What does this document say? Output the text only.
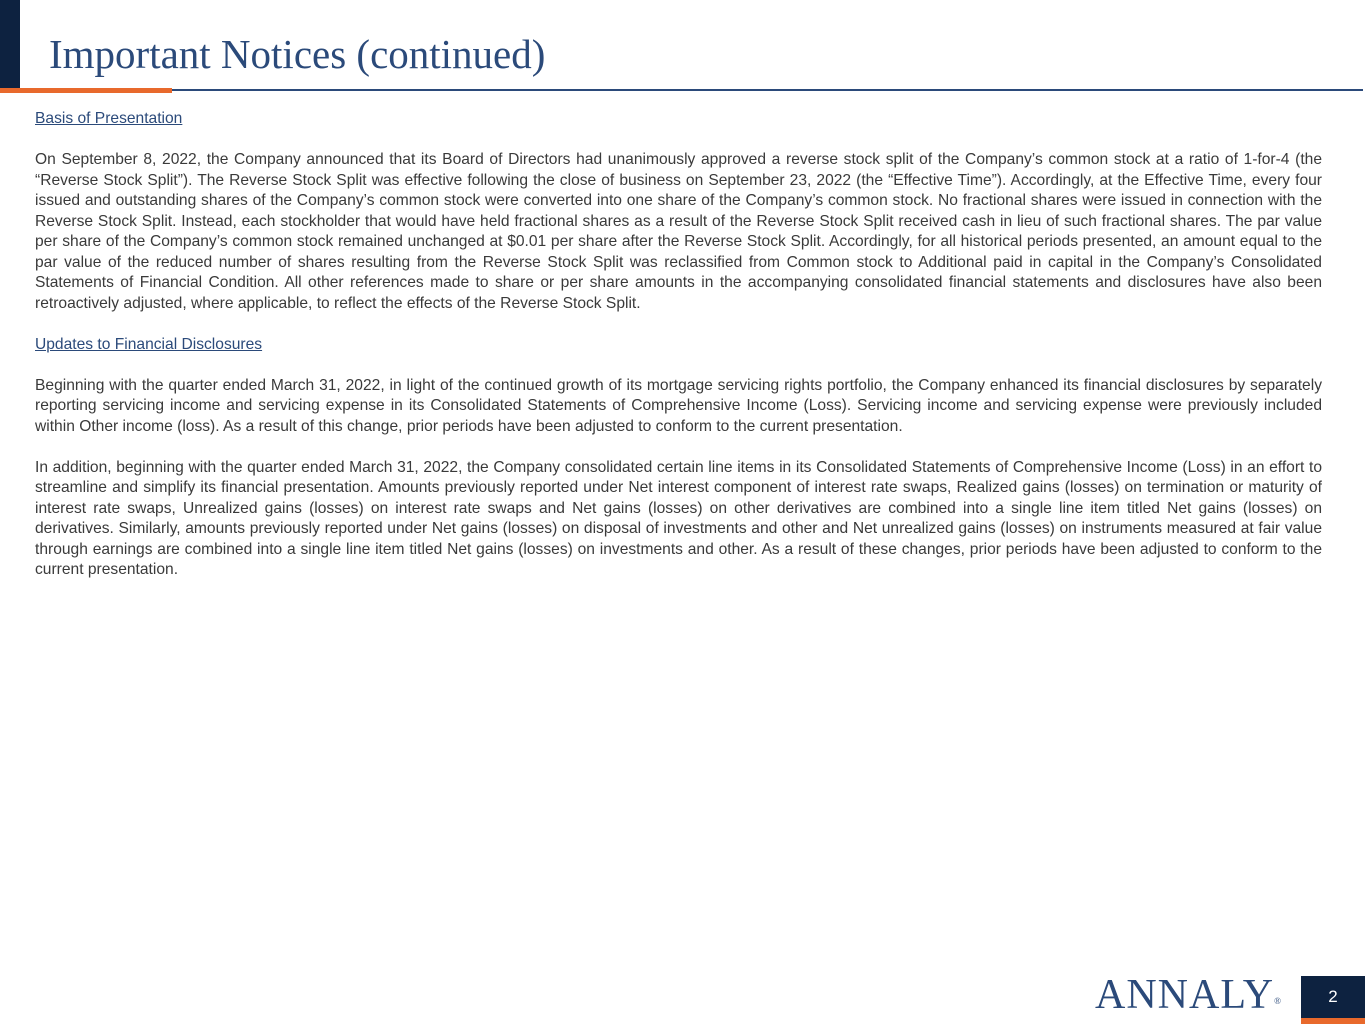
Important Notices (continued)
Basis of Presentation

On September 8, 2022, the Company announced that its Board of Directors had unanimously approved a reverse stock split of the Company’s common stock at a ratio of 1-for-4 (the “Reverse Stock Split”). The Reverse Stock Split was effective following the close of business on September 23, 2022 (the “Effective Time”). Accordingly, at the Effective Time, every four issued and outstanding shares of the Company’s common stock were converted into one share of the Company’s common stock. No fractional shares were issued in connection with the Reverse Stock Split. Instead, each stockholder that would have held fractional shares as a result of the Reverse Stock Split received cash in lieu of such fractional shares. The par value per share of the Company’s common stock remained unchanged at $0.01 per share after the Reverse Stock Split. Accordingly, for all historical periods presented, an amount equal to the par value of the reduced number of shares resulting from the Reverse Stock Split was reclassified from Common stock to Additional paid in capital in the Company’s Consolidated Statements of Financial Condition. All other references made to share or per share amounts in the accompanying consolidated financial statements and disclosures have also been retroactively adjusted, where applicable, to reflect the effects of the Reverse Stock Split.

Updates to Financial Disclosures

Beginning with the quarter ended March 31, 2022, in light of the continued growth of its mortgage servicing rights portfolio, the Company enhanced its financial disclosures by separately reporting servicing income and servicing expense in its Consolidated Statements of Comprehensive Income (Loss). Servicing income and servicing expense were previously included within Other income (loss). As a result of this change, prior periods have been adjusted to conform to the current presentation.

In addition, beginning with the quarter ended March 31, 2022, the Company consolidated certain line items in its Consolidated Statements of Comprehensive Income (Loss) in an effort to streamline and simplify its financial presentation. Amounts previously reported under Net interest component of interest rate swaps, Realized gains (losses) on termination or maturity of interest rate swaps, Unrealized gains (losses) on interest rate swaps and Net gains (losses) on other derivatives are combined into a single line item titled Net gains (losses) on derivatives. Similarly, amounts previously reported under Net gains (losses) on disposal of investments and other and Net unrealized gains (losses) on instruments measured at fair value through earnings are combined into a single line item titled Net gains (losses) on investments and other. As a result of these changes, prior periods have been adjusted to conform to the current presentation.

ANNALY®	2
